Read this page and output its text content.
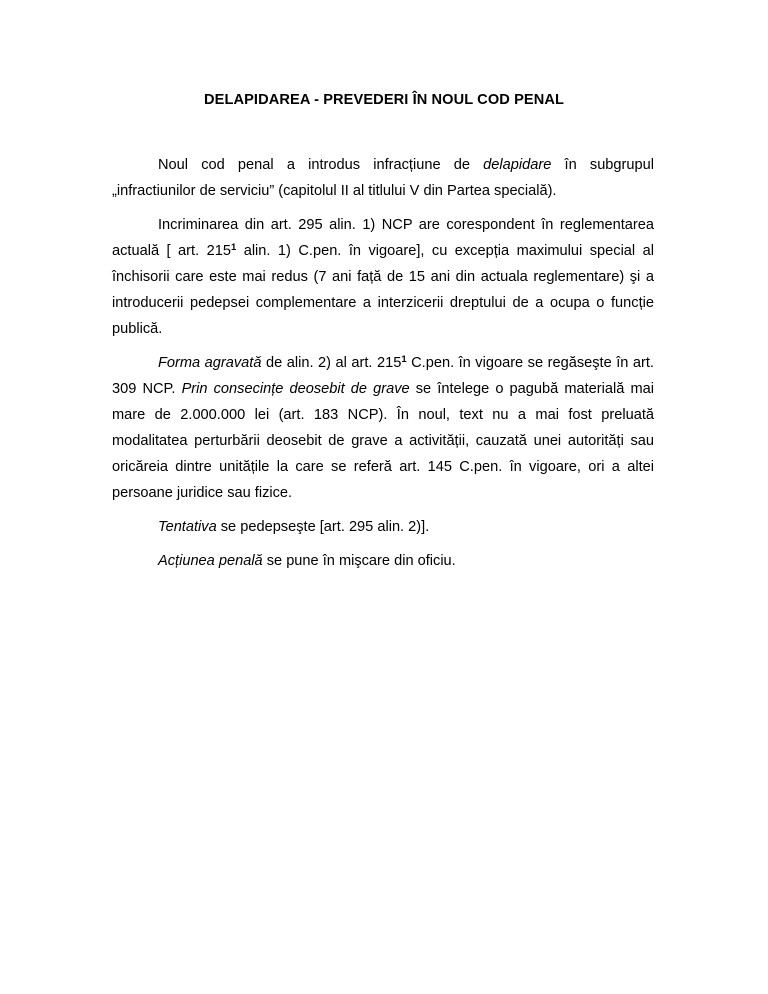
DELAPIDAREA - PREVEDERI ÎN NOUL COD PENAL

Noul cod penal a introdus infracțiune de delapidare în subgrupul „infractiunilor de serviciu” (capitolul II al titlului V din Partea specială).

Incriminarea din art. 295 alin. 1) NCP are corespondent în reglementarea actuală [ art. $215^1$ alin. 1) C.pen. în vigoare], cu excepția maximului special al închisorii care este mai redus (7 ani față de 15 ani din actuala reglementare) şi a introducerii pedepsei complementare a interzicerii dreptului de a ocupa o funcție publică.

Forma agravată de alin. 2) al art. $215^1$ C.pen. în vigoare se regăseşte în art. 309 NCP. Prin consecințe deosebit de grave se întelege o pagubă materială mai mare de 2.000.000 lei (art. 183 NCP). În noul, text nu a mai fost preluată modalitatea perturbării deosebit de grave a activității, cauzată unei autorități sau oricăreia dintre unitățile la care se referă art. 145 C.pen. în vigoare, ori a altei persoane juridice sau fizice.

Tentativa se pedepseşte [art. 295 alin. 2)].

Acțiunea penală se pune în mişcare din oficiu.
